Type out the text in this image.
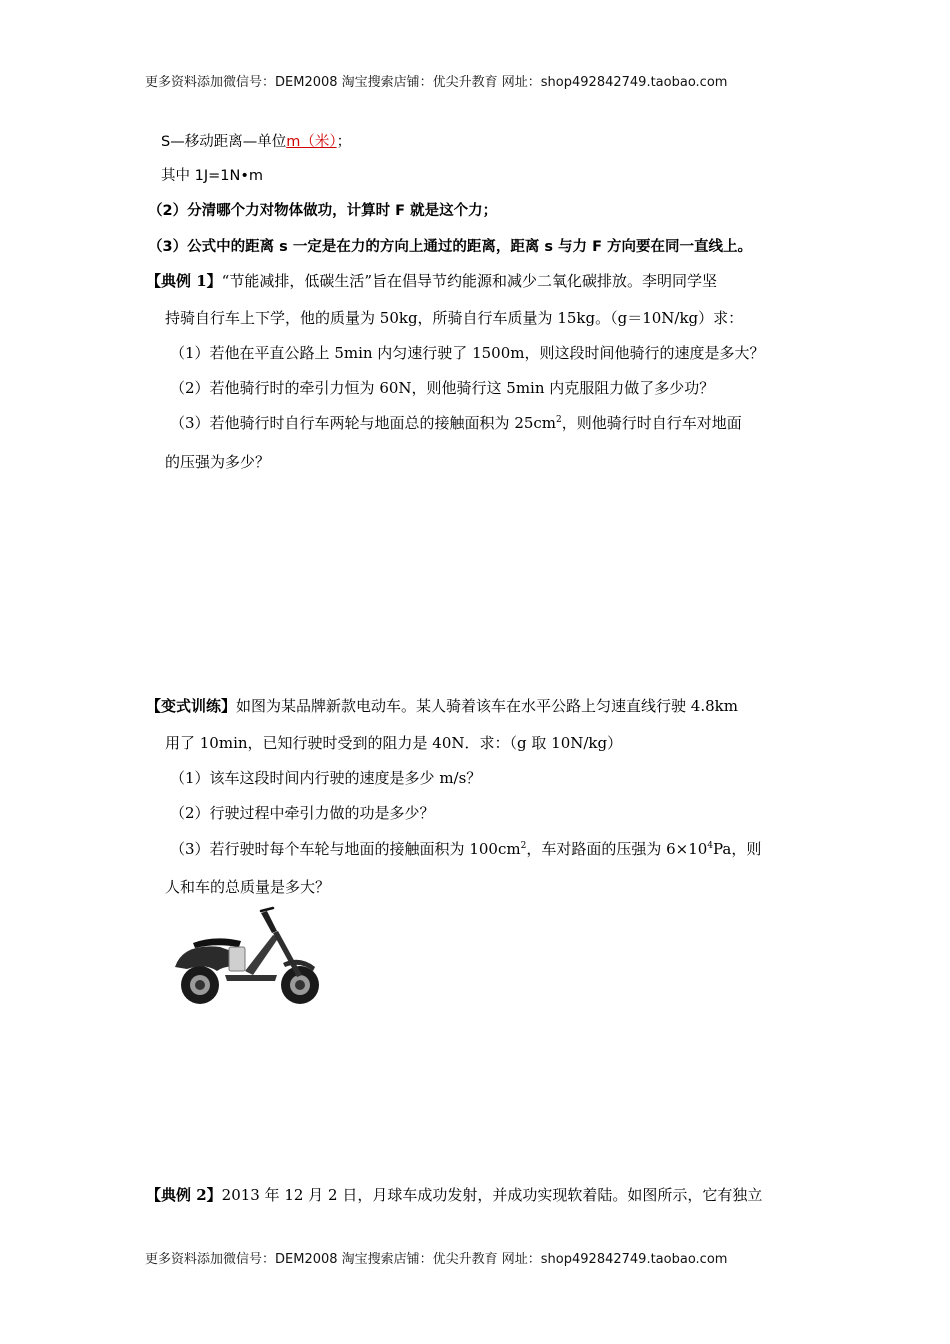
更多资料添加微信号：DEM2008 淘宝搜索店铺：优尖升教育 网址：shop492842749.taobao.com
S—移动距离—单位m（米）；
其中 1J=1N•m
（2）分清哪个力对物体做功，计算时 F 就是这个力；
（3）公式中的距离 s 一定是在力的方向上通过的距离，距离 s 与力 F 方向要在同一直线上。
【典例 1】“节能减排，低碳生活”旨在倡导节约能源和减少二氧化碳排放。李明同学坚
持骑自行车上下学，他的质量为 50kg，所骑自行车质量为 15kg。（g＝10N/kg）求：
（1）若他在平直公路上 5min 内匀速行驶了 1500m，则这段时间他骑行的速度是多大？
（2）若他骑行时的牵引力恒为 60N，则他骑行这 5min 内克服阻力做了多少功？
（3）若他骑行时自行车两轮与地面总的接触面积为 $25cm^2$，则他骑行时自行车对地面
的压强为多少？
【变式训练】如图为某品牌新款电动车。某人骑着该车在水平公路上匀速直线行驶 4.8km
用了 10min，已知行驶时受到的阻力是 40N．求：（g 取 10N/kg）
（1）该车这段时间内行驶的速度是多少 m/s？
（2）行驶过程中牵引力做的功是多少？
（3）若行驶时每个车轮与地面的接触面积为 $100cm^2$，车对路面的压强为 $6\times 10^4Pa$，则
人和车的总质量是多大？
【典例 2】2013 年 12 月 2 日，月球车成功发射，并成功实现软着陆。如图所示，它有独立
更多资料添加微信号：DEM2008 淘宝搜索店铺：优尖升教育 网址：shop492842749.taobao.com
